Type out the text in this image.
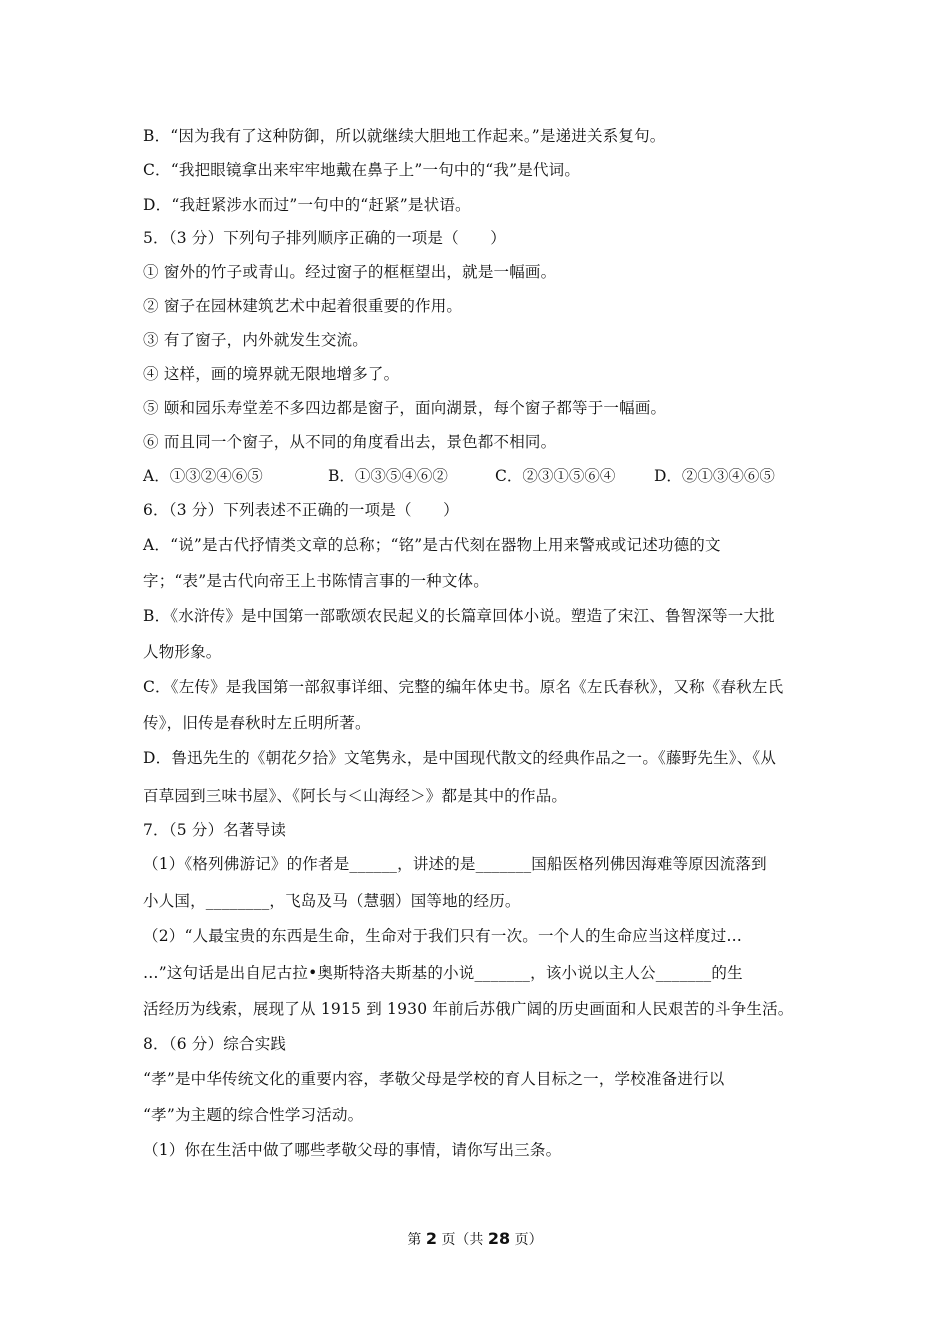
B．“因为我有了这种防御，所以就继续大胆地工作起来。”是递进关系复句。
C．“我把眼镜拿出来牢牢地戴在鼻子上”一句中的“我”是代词。
D．“我赶紧涉水而过”一句中的“赶紧”是状语。
5．（3 分）下列句子排列顺序正确的一项是（　　）
① 窗外的竹子或青山。经过窗子的框框望出，就是一幅画。
② 窗子在园林建筑艺术中起着很重要的作用。
③ 有了窗子，内外就发生交流。
④ 这样，画的境界就无限地增多了。
⑤ 颐和园乐寿堂差不多四边都是窗子，面向湖景，每个窗子都等于一幅画。
⑥ 而且同一个窗子，从不同的角度看出去，景色都不相同。
A．①③②④⑥⑤	B．①③⑤④⑥②	C．②③①⑤⑥④ D．②①③④⑥⑤
6．（3 分）下列表述不正确的一项是（　　）
A．“说”是古代抒情类文章的总称；“铭”是古代刻在器物上用来警戒或记述功德的文
字；“表”是古代向帝王上书陈情言事的一种文体。
B．《水浒传》是中国第一部歌颂农民起义的长篇章回体小说。塑造了宋江、鲁智深等一大批
人物形象。
C．《左传》是我国第一部叙事详细、完整的编年体史书。原名《左氏春秋》，又称《春秋左氏
传》，旧传是春秋时左丘明所著。
D．鲁迅先生的《朝花夕拾》文笔隽永，是中国现代散文的经典作品之一。《藤野先生》、《从
百草园到三味书屋》、《阿长与＜山海经＞》都是其中的作品。
7．（5 分）名著导读
（1）《格列佛游记》的作者是______，讲述的是_______国船医格列佛因海难等原因流落到
小人国，________，飞岛及马（慧骃）国等地的经历。
（2）“人最宝贵的东西是生命，生命对于我们只有一次。一个人的生命应当这样度过…
…”这句话是出自尼古拉•奥斯特洛夫斯基的小说_______，该小说以主人公_______的生
活经历为线索，展现了从 1915 到 1930 年前后苏俄广阔的历史画面和人民艰苦的斗争生活。
8．（6 分）综合实践
“孝”是中华传统文化的重要内容，孝敬父母是学校的育人目标之一，学校准备进行以
“孝”为主题的综合性学习活动。
（1）你在生活中做了哪些孝敬父母的事情，请你写出三条。
第 2 页（共 28 页）
